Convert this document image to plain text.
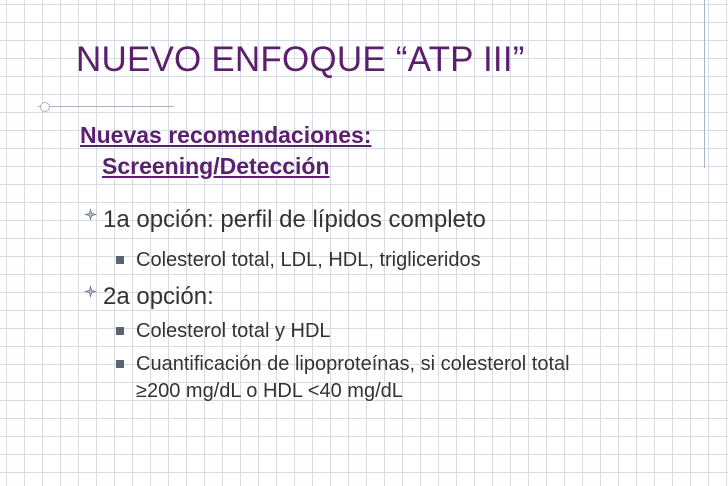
NUEVO ENFOQUE “ATP III”
Nuevas recomendaciones:
Screening/Detección
1a opción: perfil de lípidos completo
Colesterol total, LDL, HDL, trigliceridos
2a opción:
Colesterol total y HDL
Cuantificación de lipoproteínas, si colesterol total
≥200 mg/dL o HDL <40 mg/dL
